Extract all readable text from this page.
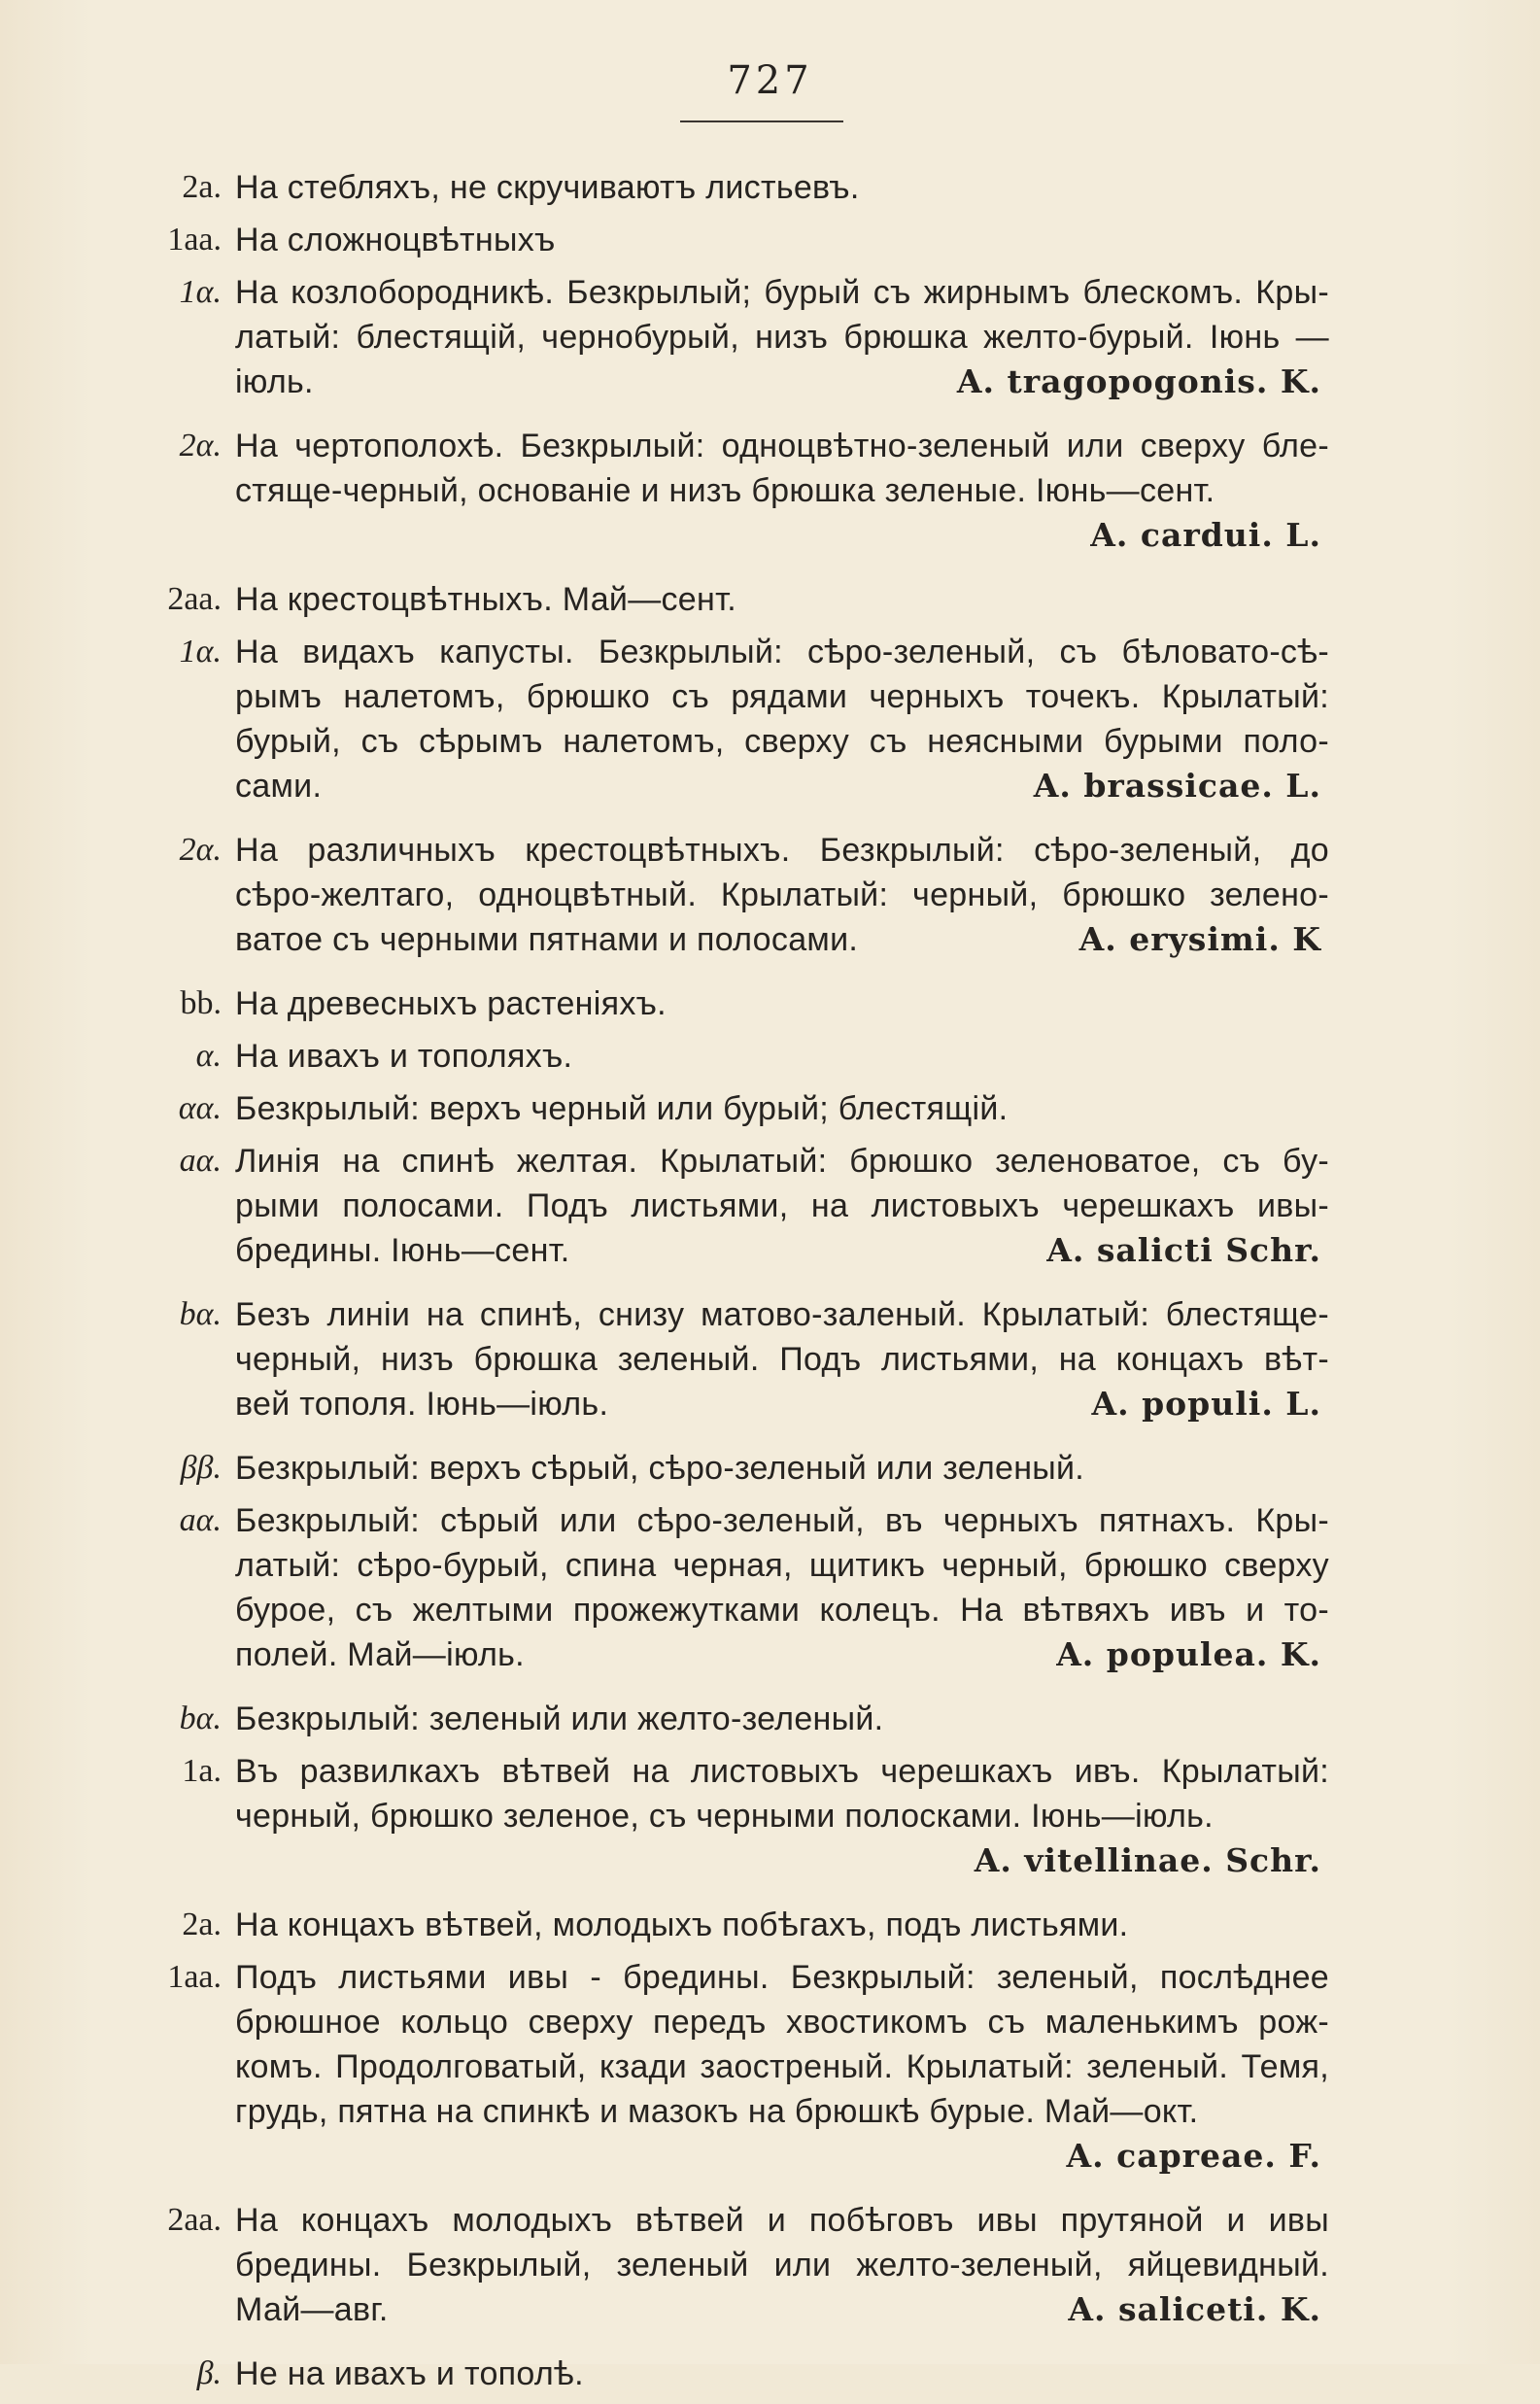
727
2a. На стебляхъ, не скручиваютъ листьевъ.
1aa. На сложноцвѣтныхъ
1α. На козлобородникѣ. Безкрылый; бурый съ жирнымъ блескомъ. Кры-
латый: блестящій, чернобурый, низъ брюшка желто-бурый. Іюнь —
іюль.	A. tragopogonis. K.
2α. На чертополохѣ. Безкрылый: одноцвѣтно-зеленый или сверху бле-
стяще-черный, основаніе и низъ брюшка зеленые. Іюнь—сент.
A. cardui. L.
2aa. На крестоцвѣтныхъ. Май—сент.
1α. На видахъ капусты. Безкрылый: сѣро-зеленый, съ бѣловато-сѣ-
рымъ налетомъ, брюшко съ рядами черныхъ точекъ. Крылатый:
бурый, съ сѣрымъ налетомъ, сверху съ неясными бурыми поло-
сами.	A. brassicae. L.
2α. На различныхъ крестоцвѣтныхъ. Безкрылый: сѣро-зеленый, до
сѣро-желтаго, одноцвѣтный. Крылатый: черный, брюшко зелено-
ватое съ черными пятнами и полосами.	A. erysimi. K
bb. На древесныхъ растеніяхъ.
α. На ивахъ и тополяхъ.
αα. Безкрылый: верхъ черный или бурый; блестящій.
aα. Линія на спинѣ желтая. Крылатый: брюшко зеленоватое, съ бу-
рыми полосами. Подъ листьями, на листовыхъ черешкахъ ивы-
бредины. Іюнь—сент.	A. salicti Schr.
bα. Безъ линіи на спинѣ, снизу матово-заленый. Крылатый: блестяще-
черный, низъ брюшка зеленый. Подъ листьями, на концахъ вѣт-
вей тополя. Іюнь—іюль.	A. populi. L.
ββ. Безкрылый: верхъ сѣрый, сѣро-зеленый или зеленый.
aα. Безкрылый: сѣрый или сѣро-зеленый, въ черныхъ пятнахъ. Кры-
латый: сѣро-бурый, спина черная, щитикъ черный, брюшко сверху
бурое, съ желтыми прожежутками колецъ. На вѣтвяхъ ивъ и то-
полей. Май—іюль.	A. populea. K.
bα. Безкрылый: зеленый или желто-зеленый.
1a. Въ развилкахъ вѣтвей на листовыхъ черешкахъ ивъ. Крылатый:
черный, брюшко зеленое, съ черными полосками. Іюнь—іюль.
A. vitellinae. Schr.
2a. На концахъ вѣтвей, молодыхъ побѣгахъ, подъ листьями.
1aa. Подъ листьями ивы - бредины. Безкрылый: зеленый, послѣднее
брюшное кольцо сверху передъ хвостикомъ съ маленькимъ рож-
комъ. Продолговатый, кзади заостреный. Крылатый: зеленый. Темя,
грудь, пятна на спинкѣ и мазокъ на брюшкѣ бурые. Май—окт.
A. capreae. F.
2aa. На концахъ молодыхъ вѣтвей и побѣговъ ивы прутяной и ивы
бредины. Безкрылый, зеленый или желто-зеленый, яйцевидный.
Май—авг.	A. saliceti. K.
β. Не на ивахъ и тополѣ.
